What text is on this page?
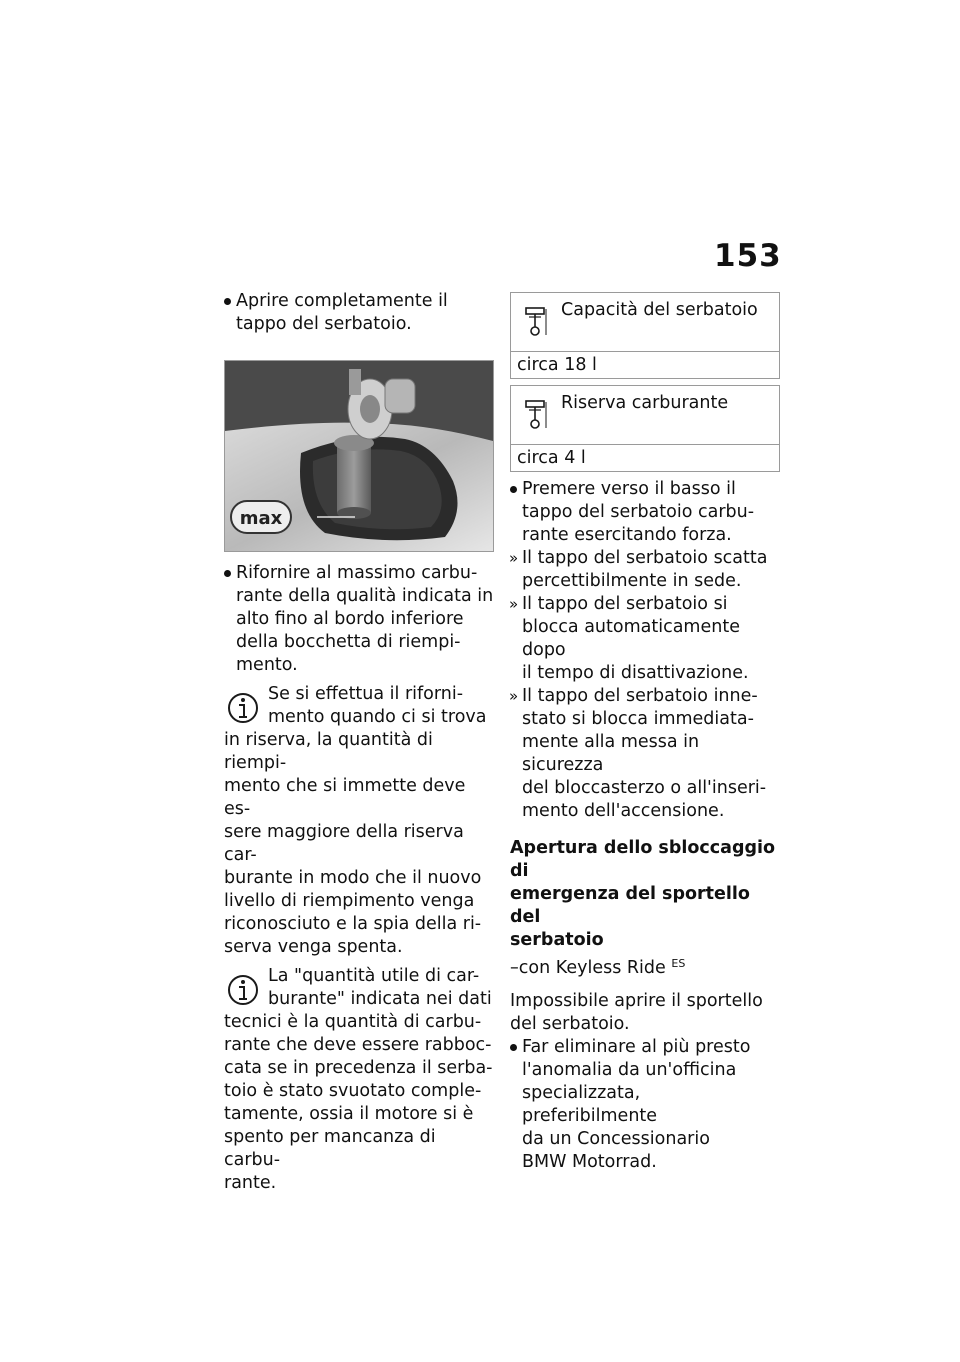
153
Aprire completamente il
tappo del serbatoio.
max
Rifornire al massimo carbu-
rante della qualità indicata in
alto fino al bordo inferiore
della bocchetta di riempi-
mento.
Se si effettua il riforni-
mento quando ci si trova
in riserva, la quantità di riempi-
mento che si immette deve es-
sere maggiore della riserva car-
burante in modo che il nuovo
livello di riempimento venga
riconosciuto e la spia della ri-
serva venga spenta.
La "quantità utile di car-
burante" indicata nei dati
tecnici è la quantità di carbu-
rante che deve essere rabboc-
cata se in precedenza il serba-
toio è stato svuotato comple-
tamente, ossia il motore si è
spento per mancanza di carbu-
rante.
Capacità del serbatoio
circa 18 l
Riserva carburante
circa 4 l
Premere verso il basso il
tappo del serbatoio carbu-
rante esercitando forza.
» Il tappo del serbatoio scatta
percettibilmente in sede.
» Il tappo del serbatoio si
blocca automaticamente dopo
il tempo di disattivazione.
» Il tappo del serbatoio inne-
stato si blocca immediata-
mente alla messa in sicurezza
del bloccasterzo o all'inseri-
mento dell'accensione.
Apertura dello sbloccaggio di
emergenza del sportello del
serbatoio
–con Keyless Ride $^{ES}$
Impossibile aprire il sportello
del serbatoio.
Far eliminare al più presto
l'anomalia da un'officina
specializzata, preferibilmente
da un Concessionario
BMW Motorrad.
